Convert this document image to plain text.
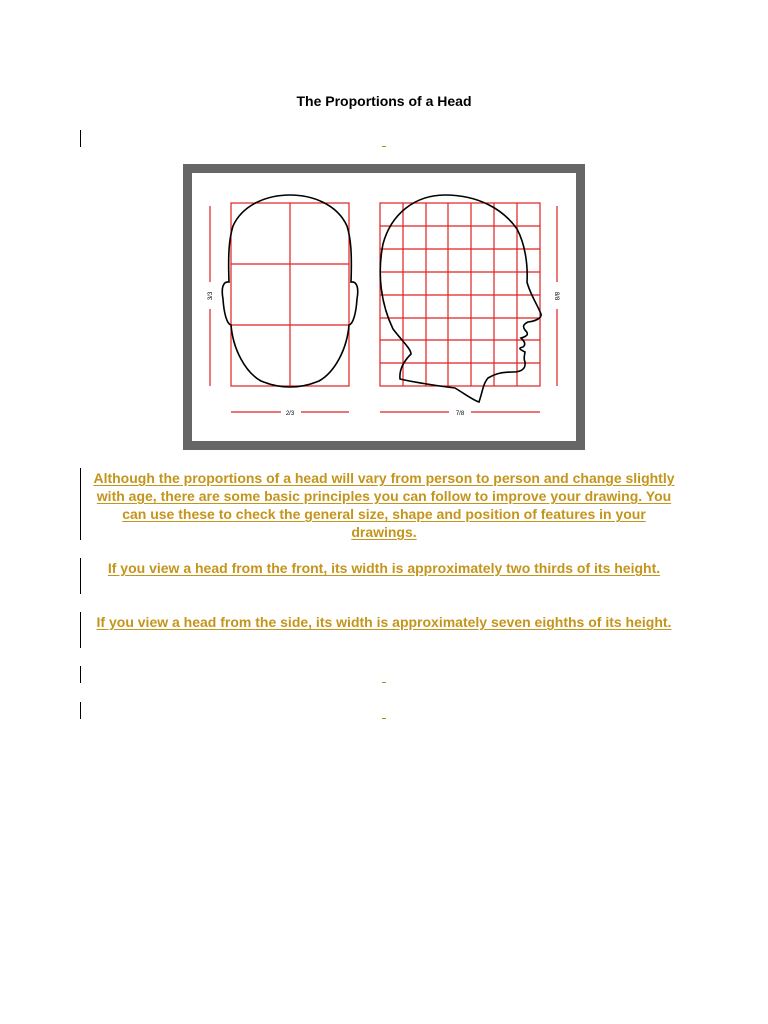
The Proportions of a Head
3/3
2/3
8/8
7/8
Although the proportions of a head will vary from person to person and change slightly with age, there are some basic principles you can follow to improve your drawing. You can use these to check the general size, shape and position of features in your drawings.
If you view a head from the front, its width is approximately two thirds of its height.
If you view a head from the side, its width is approximately seven eighths of its height.
